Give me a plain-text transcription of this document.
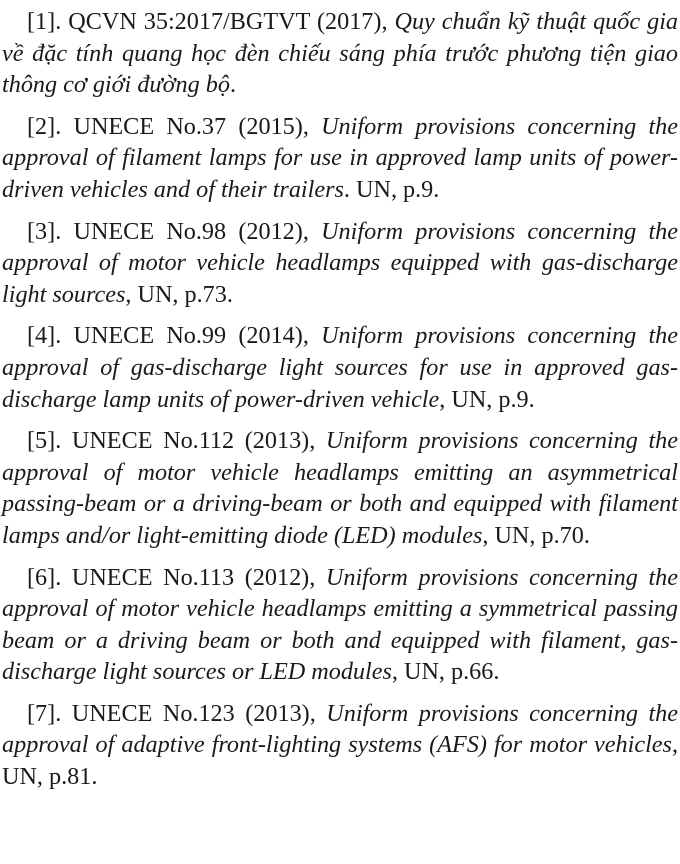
[1]. QCVN 35:2017/BGTVT (2017), Quy chuẩn kỹ thuật quốc gia về đặc tính quang học đèn chiếu sáng phía trước phương tiện giao thông cơ giới đường bộ.

[2]. UNECE No.37 (2015), Uniform provisions concerning the approval of filament lamps for use in approved lamp units of power-driven vehicles and of their trailers. UN, p.9.

[3]. UNECE No.98 (2012), Uniform provisions concerning the approval of motor vehicle headlamps equipped with gas-discharge light sources, UN, p.73.

[4]. UNECE No.99 (2014), Uniform provisions concerning the approval of gas-discharge light sources for use in approved gas-discharge lamp units of power-driven vehicle, UN, p.9.

[5]. UNECE No.112 (2013), Uniform provisions concerning the approval of motor vehicle headlamps emitting an asymmetrical passing-beam or a driving-beam or both and equipped with filament lamps and/or light-emitting diode (LED) modules, UN, p.70.

[6]. UNECE No.113 (2012), Uniform provisions concerning the approval of motor vehicle headlamps emitting a symmetrical passing beam or a driving beam or both and equipped with filament, gas-discharge light sources or LED modules, UN, p.66.

[7]. UNECE No.123 (2013), Uniform provisions concerning the approval of adaptive front-lighting systems (AFS) for motor vehicles, UN, p.81.
